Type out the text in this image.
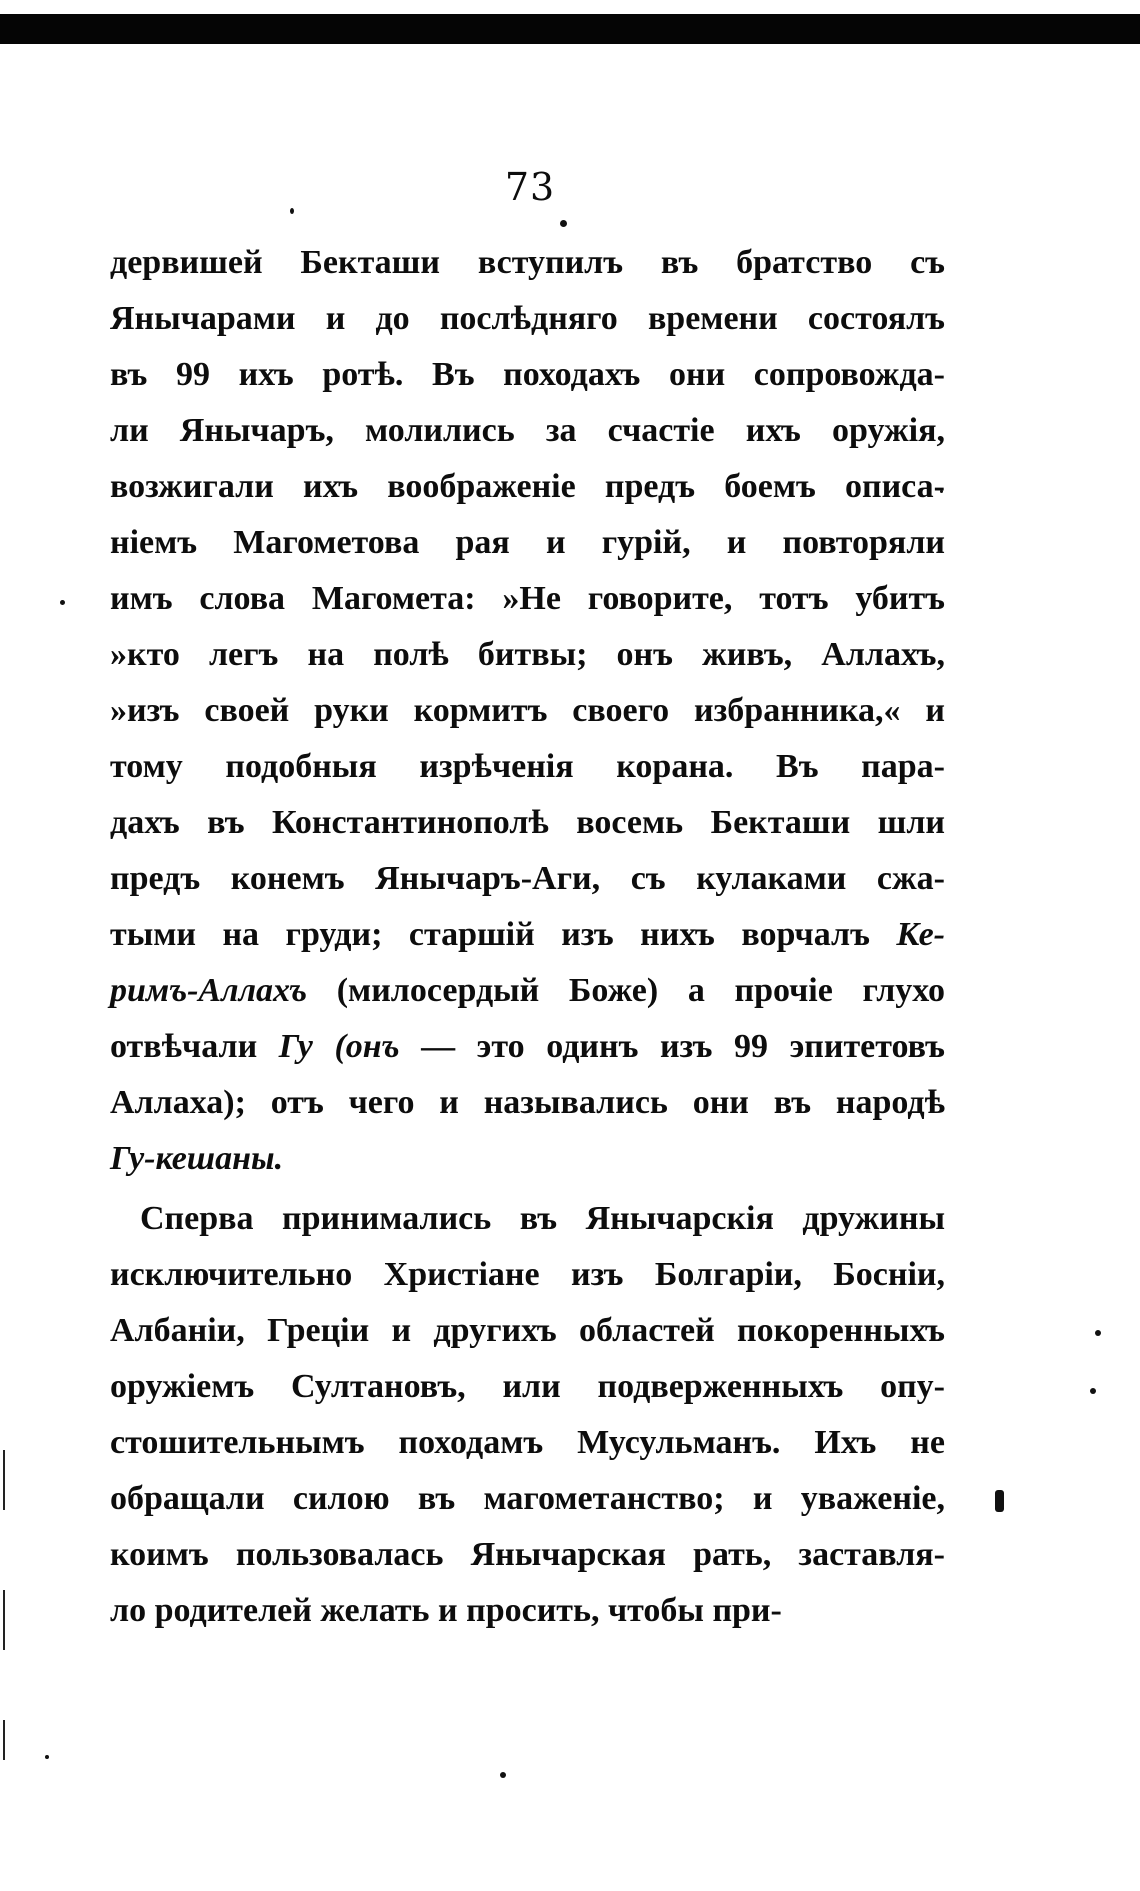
73
дервишей Бекташи вступилъ въ братство съ
Янычарами и до послѣдняго времени состоялъ
въ 99 ихъ ротѣ. Въ походахъ они сопровожда-
ли Янычаръ, молились за счастіе ихъ оружія,
возжигали ихъ воображеніе предъ боемъ описа-
ніемъ Магометова рая и гурій, и повторяли
имъ слова Магомета: »Не говорите, тотъ убитъ
»кто легъ на полѣ битвы; онъ живъ, Аллахъ,
»изъ своей руки кормитъ своего избранника,« и
тому подобныя изрѣченія корана. Въ пара-
дахъ въ Константинополѣ восемь Бекташи шли
предъ конемъ Янычаръ-Аги, съ кулаками сжа-
тыми на груди; старшій изъ нихъ ворчалъ Ке-
римъ-Аллахъ (милосердый Боже) а прочіе глухо
отвѣчали Гу (онъ — это одинъ изъ 99 эпитетовъ
Аллаха); отъ чего и назывались они въ народѣ
Гу-кешаны.
Сперва принимались въ Янычарскія дружины
исключительно Христіане изъ Болгаріи, Босніи,
Албаніи, Греціи и другихъ областей покоренныхъ
оружіемъ Султановъ, или подверженныхъ опу-
стошительнымъ походамъ Мусульманъ. Ихъ не
обращали силою въ магометанство; и уваженіе,
коимъ пользовалась Янычарская рать, заставля-
ло родителей желать и просить, чтобы при-
